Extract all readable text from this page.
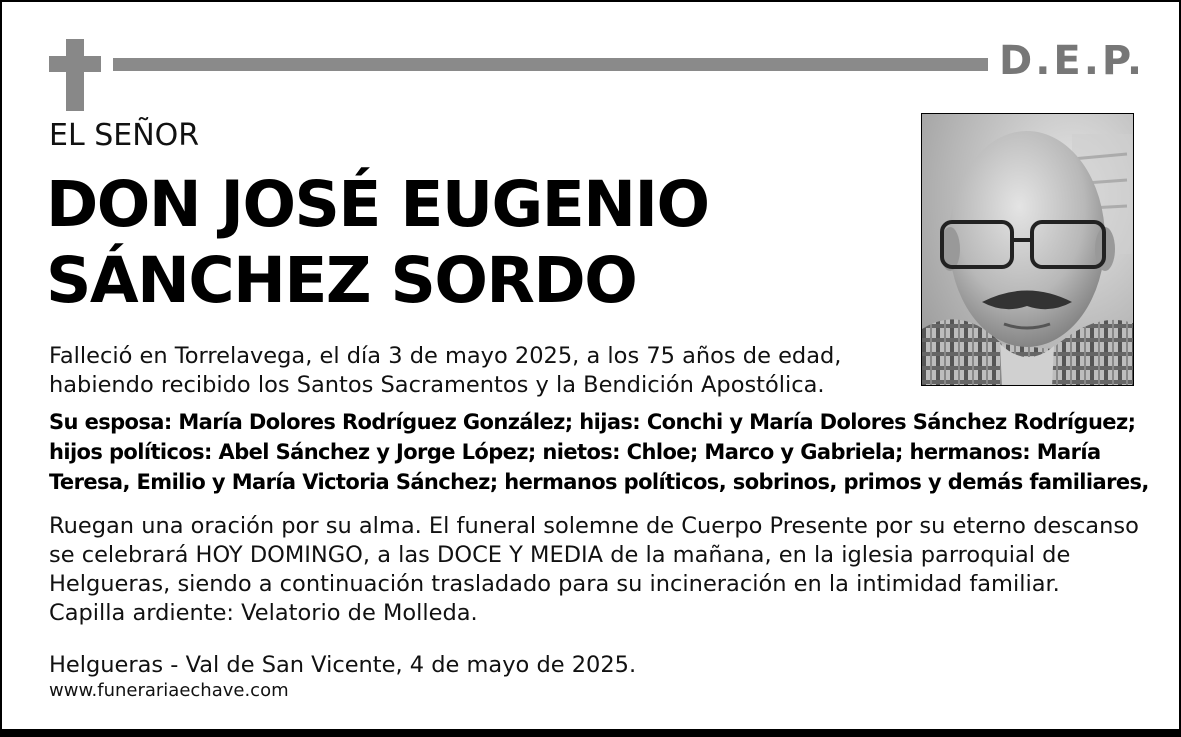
D.E.P.
EL SEÑOR
DON JOSÉ EUGENIO
SÁNCHEZ SORDO
Falleció en Torrelavega, el día 3 de mayo 2025, a los 75 años de edad,
habiendo recibido los Santos Sacramentos y la Bendición Apostólica.
Su esposa: María Dolores Rodríguez González; hijas: Conchi y María Dolores Sánchez Rodríguez;
hijos políticos: Abel Sánchez y Jorge López; nietos: Chloe; Marco y Gabriela; hermanos: María
Teresa, Emilio y María Victoria Sánchez; hermanos políticos, sobrinos, primos y demás familiares,
Ruegan una oración por su alma. El funeral solemne de Cuerpo Presente por su eterno descanso
se celebrará HOY DOMINGO, a las DOCE Y MEDIA de la mañana, en la iglesia parroquial de
Helgueras, siendo a continuación trasladado para su incineración en la intimidad familiar.
Capilla ardiente: Velatorio de Molleda.
Helgueras - Val de San Vicente, 4 de mayo de 2025.
www.funerariaechave.com
